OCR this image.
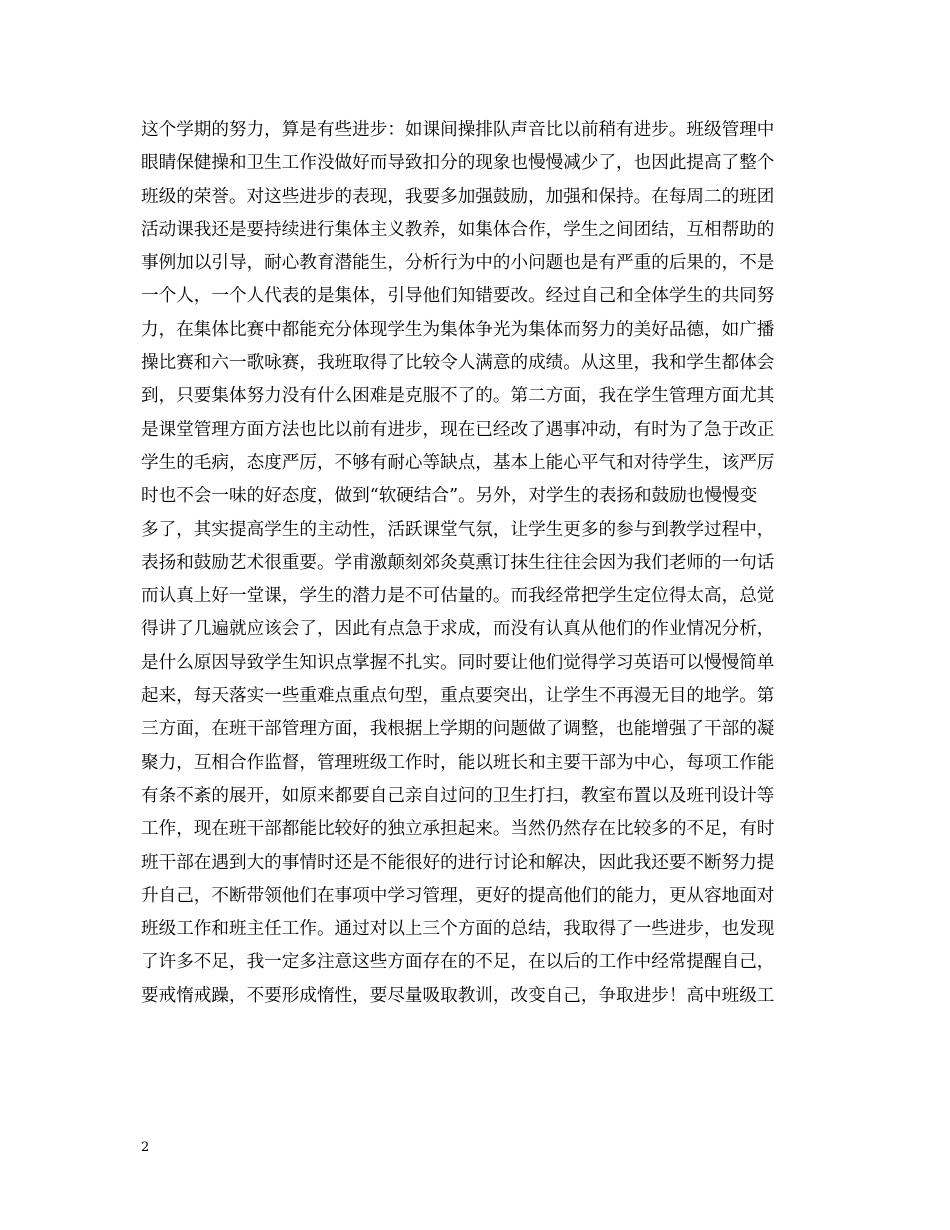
这个学期的努力，算是有些进步：如课间操排队声音比以前稍有进步。班级管理中
眼睛保健操和卫生工作没做好而导致扣分的现象也慢慢减少了，也因此提高了整个
班级的荣誉。对这些进步的表现，我要多加强鼓励，加强和保持。在每周二的班团
活动课我还是要持续进行集体主义教养，如集体合作，学生之间团结，互相帮助的
事例加以引导，耐心教育潜能生，分析行为中的小问题也是有严重的后果的，不是
一个人，一个人代表的是集体，引导他们知错要改。经过自己和全体学生的共同努
力，在集体比赛中都能充分体现学生为集体争光为集体而努力的美好品德，如广播
操比赛和六一歌咏赛，我班取得了比较令人满意的成绩。从这里，我和学生都体会
到，只要集体努力没有什么困难是克服不了的。第二方面，我在学生管理方面尤其
是课堂管理方面方法也比以前有进步，现在已经改了遇事冲动，有时为了急于改正
学生的毛病，态度严厉，不够有耐心等缺点，基本上能心平气和对待学生，该严厉
时也不会一味的好态度，做到“软硬结合”。另外，对学生的表扬和鼓励也慢慢变
多了，其实提高学生的主动性，活跃课堂气氛，让学生更多的参与到教学过程中，
表扬和鼓励艺术很重要。学甫激颠刻郊灸莫熏订抹生往往会因为我们老师的一句话
而认真上好一堂课，学生的潜力是不可估量的。而我经常把学生定位得太高，总觉
得讲了几遍就应该会了，因此有点急于求成，而没有认真从他们的作业情况分析，
是什么原因导致学生知识点掌握不扎实。同时要让他们觉得学习英语可以慢慢简单
起来，每天落实一些重难点重点句型，重点要突出，让学生不再漫无目的地学。第
三方面，在班干部管理方面，我根据上学期的问题做了调整，也能增强了干部的凝
聚力，互相合作监督，管理班级工作时，能以班长和主要干部为中心，每项工作能
有条不紊的展开，如原来都要自己亲自过问的卫生打扫，教室布置以及班刊设计等
工作，现在班干部都能比较好的独立承担起来。当然仍然存在比较多的不足，有时
班干部在遇到大的事情时还是不能很好的进行讨论和解决，因此我还要不断努力提
升自己，不断带领他们在事项中学习管理，更好的提高他们的能力，更从容地面对
班级工作和班主任工作。通过对以上三个方面的总结，我取得了一些进步，也发现
了许多不足，我一定多注意这些方面存在的不足，在以后的工作中经常提醒自己，
要戒惰戒躁，不要形成惰性，要尽量吸取教训，改变自己，争取进步！高中班级工
2
